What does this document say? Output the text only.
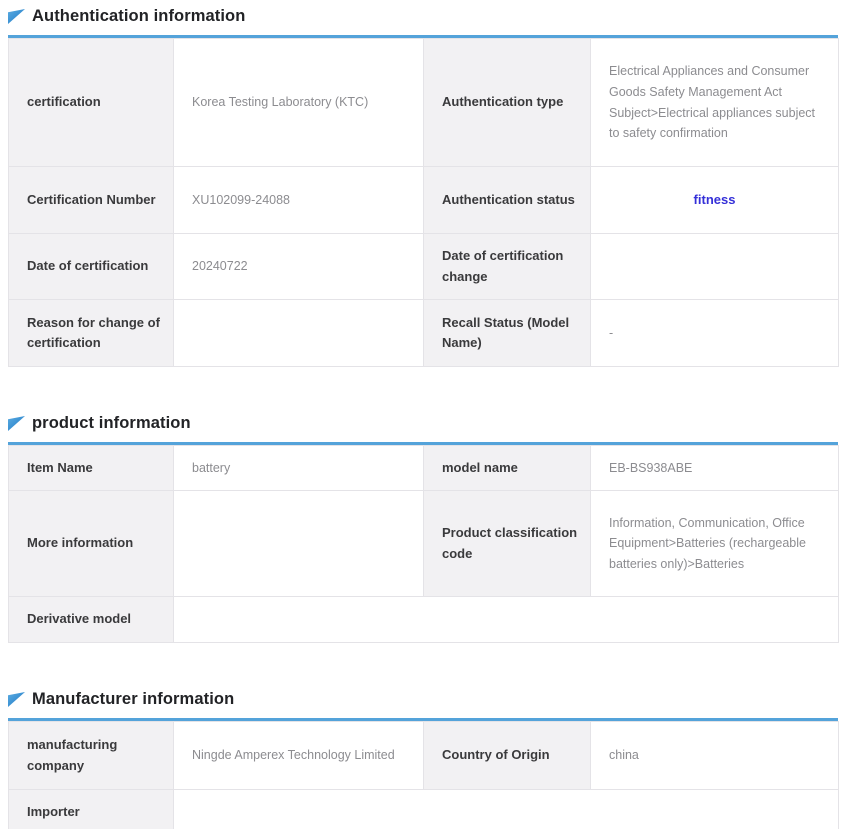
Authentication information
certification	Korea Testing Laboratory (KTC)	Authentication type	Electrical Appliances and Consumer Goods Safety Management Act Subject>Electrical appliances subject to safety confirmation
Certification Number	XU102099-24088	Authentication status	fitness
Date of certification	20240722	Date of certification change	
Reason for change of certification		Recall Status (Model Name)	-
product information
Item Name	battery	model name	EB-BS938ABE
More information		Product classification code	Information, Communication, Office Equipment>Batteries (rechargeable batteries only)>Batteries
Derivative model			
Manufacturer information
manufacturing company	Ningde Amperex Technology Limited	Country of Origin	china
Importer			
